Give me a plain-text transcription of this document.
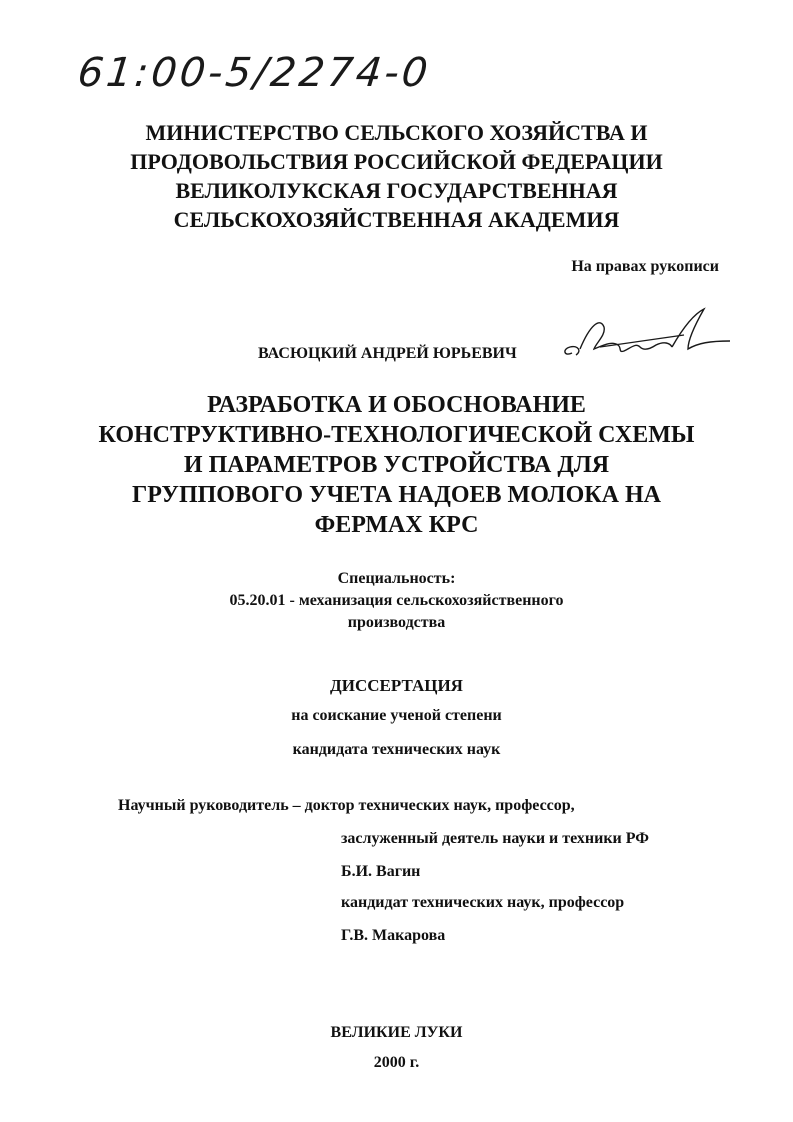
61:00-5/2274-0
МИНИСТЕРСТВО СЕЛЬСКОГО ХОЗЯЙСТВА И
ПРОДОВОЛЬСТВИЯ РОССИЙСКОЙ ФЕДЕРАЦИИ
ВЕЛИКОЛУКСКАЯ ГОСУДАРСТВЕННАЯ
СЕЛЬСКОХОЗЯЙСТВЕННАЯ АКАДЕМИЯ
На правах рукописи
ВАСЮЦКИЙ АНДРЕЙ ЮРЬЕВИЧ
РАЗРАБОТКА И ОБОСНОВАНИЕ
КОНСТРУКТИВНО-ТЕХНОЛОГИЧЕСКОЙ СХЕМЫ
И ПАРАМЕТРОВ УСТРОЙСТВА ДЛЯ
ГРУППОВОГО УЧЕТА НАДОЕВ МОЛОКА НА
ФЕРМАХ КРС
Специальность:
05.20.01 - механизация сельскохозяйственного
производства
ДИССЕРТАЦИЯ
на соискание ученой степени
кандидата технических наук
Научный руководитель – доктор технических наук, профессор,
заслуженный деятель науки и техники РФ
Б.И. Вагин
кандидат технических наук, профессор
Г.В. Макарова
ВЕЛИКИЕ ЛУКИ
2000 г.
